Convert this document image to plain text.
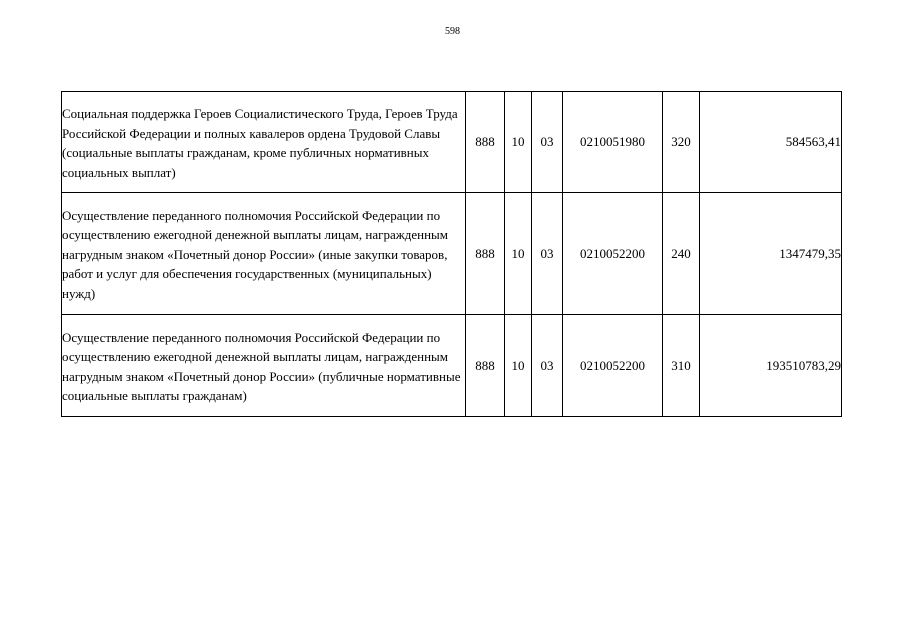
598
Социальная поддержка Героев Социалистического Труда, Героев Труда Российской Федерации и полных кавалеров ордена Трудовой Славы (социальные выплаты гражданам, кроме публичных нормативных социальных выплат)	888	10	03	0210051980	320	584563,41
Осуществление переданного полномочия Российской Федерации по осуществлению ежегодной денежной выплаты лицам, награжденным нагрудным знаком «Почетный донор России» (иные закупки товаров, работ и услуг для обеспечения государственных (муниципальных) нужд)	888	10	03	0210052200	240	1347479,35
Осуществление переданного полномочия Российской Федерации по осуществлению ежегодной денежной выплаты лицам, награжденным нагрудным знаком «Почетный донор России» (публичные нормативные социальные выплаты гражданам)	888	10	03	0210052200	310	193510783,29
